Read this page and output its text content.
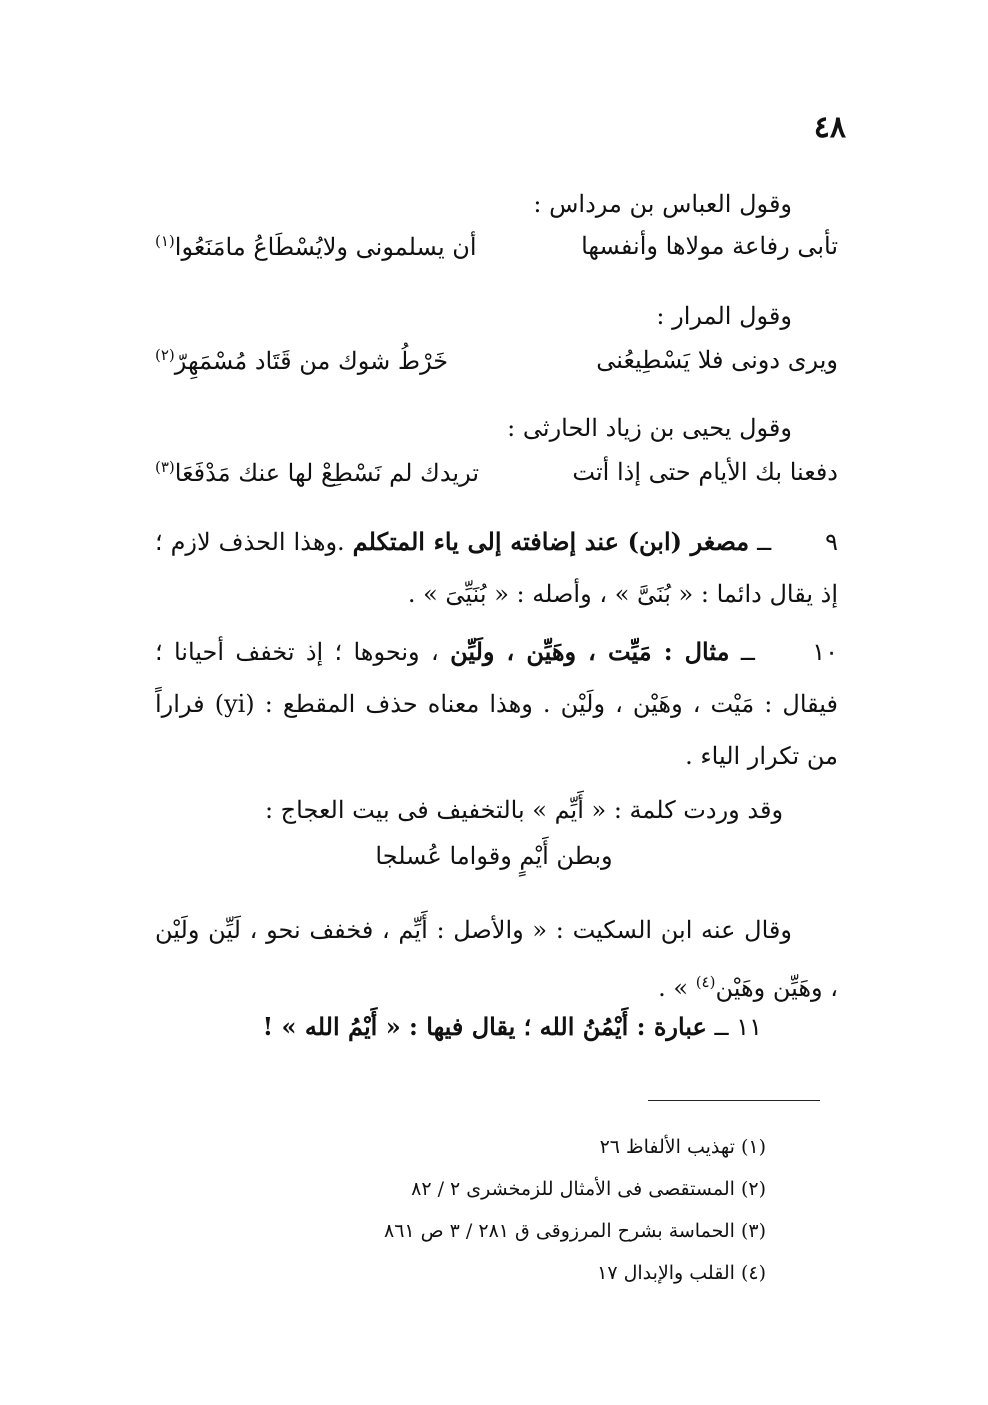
٤٨
وقول العباس بن مرداس :
تأبى رفاعة مولاها وأنفسها
أن يسلمونى ولايُسْطَاعُ مامَنَعُوا$^{(١)}$
وقول المرار :
ويرى دونى فلا يَسْطِيعُنى
خَرْطُ شوك من قَتَاد مُسْمَهِرّ$^{(٢)}$
وقول يحيى بن زياد الحارثى :
دفعنا بك الأيام حتى إذا أتت
تريدك لم نَسْطِعْ لها عنك مَدْفَعَا$^{(٣)}$
٩ ــ مصغر (ابن) عند إضافته إلى ياء المتكلم .وهذا الحذف لازم ؛ إذ يقال دائما : « بُنَىَّ » ، وأصله : « بُنَيِّىَ » .
١٠ ــ مثال : مَيِّت ، وهَيِّن ، ولَيِّن ، ونحوها ؛ إذ تخفف أحيانا ؛ فيقال : مَيْت ، وهَيْن ، ولَيْن . وهذا معناه حذف المقطع : (yi) فراراً من تكرار الياء .
وقد وردت كلمة : « أَيِّم » بالتخفيف فى بيت العجاج :
وبطن أَيْمٍ وقواما عُسلجا
وقال عنه ابن السكيت : « والأصل : أَيِّم ، فخفف نحو ، لَيِّن ولَيْن ، وهَيِّن وهَيْن$^{(٤)}$ » .
١١ ــ عبارة : أَيْمُنُ الله ؛ يقال فيها : « أَيْمُ الله » !
(١) تهذيب الألفاظ ٢٦
(٢) المستقصى فى الأمثال للزمخشرى ٢ / ٨٢
(٣) الحماسة بشرح المرزوقى ق ٢٨١ / ٣ ص ٨٦١
(٤) القلب والإبدال ١٧
